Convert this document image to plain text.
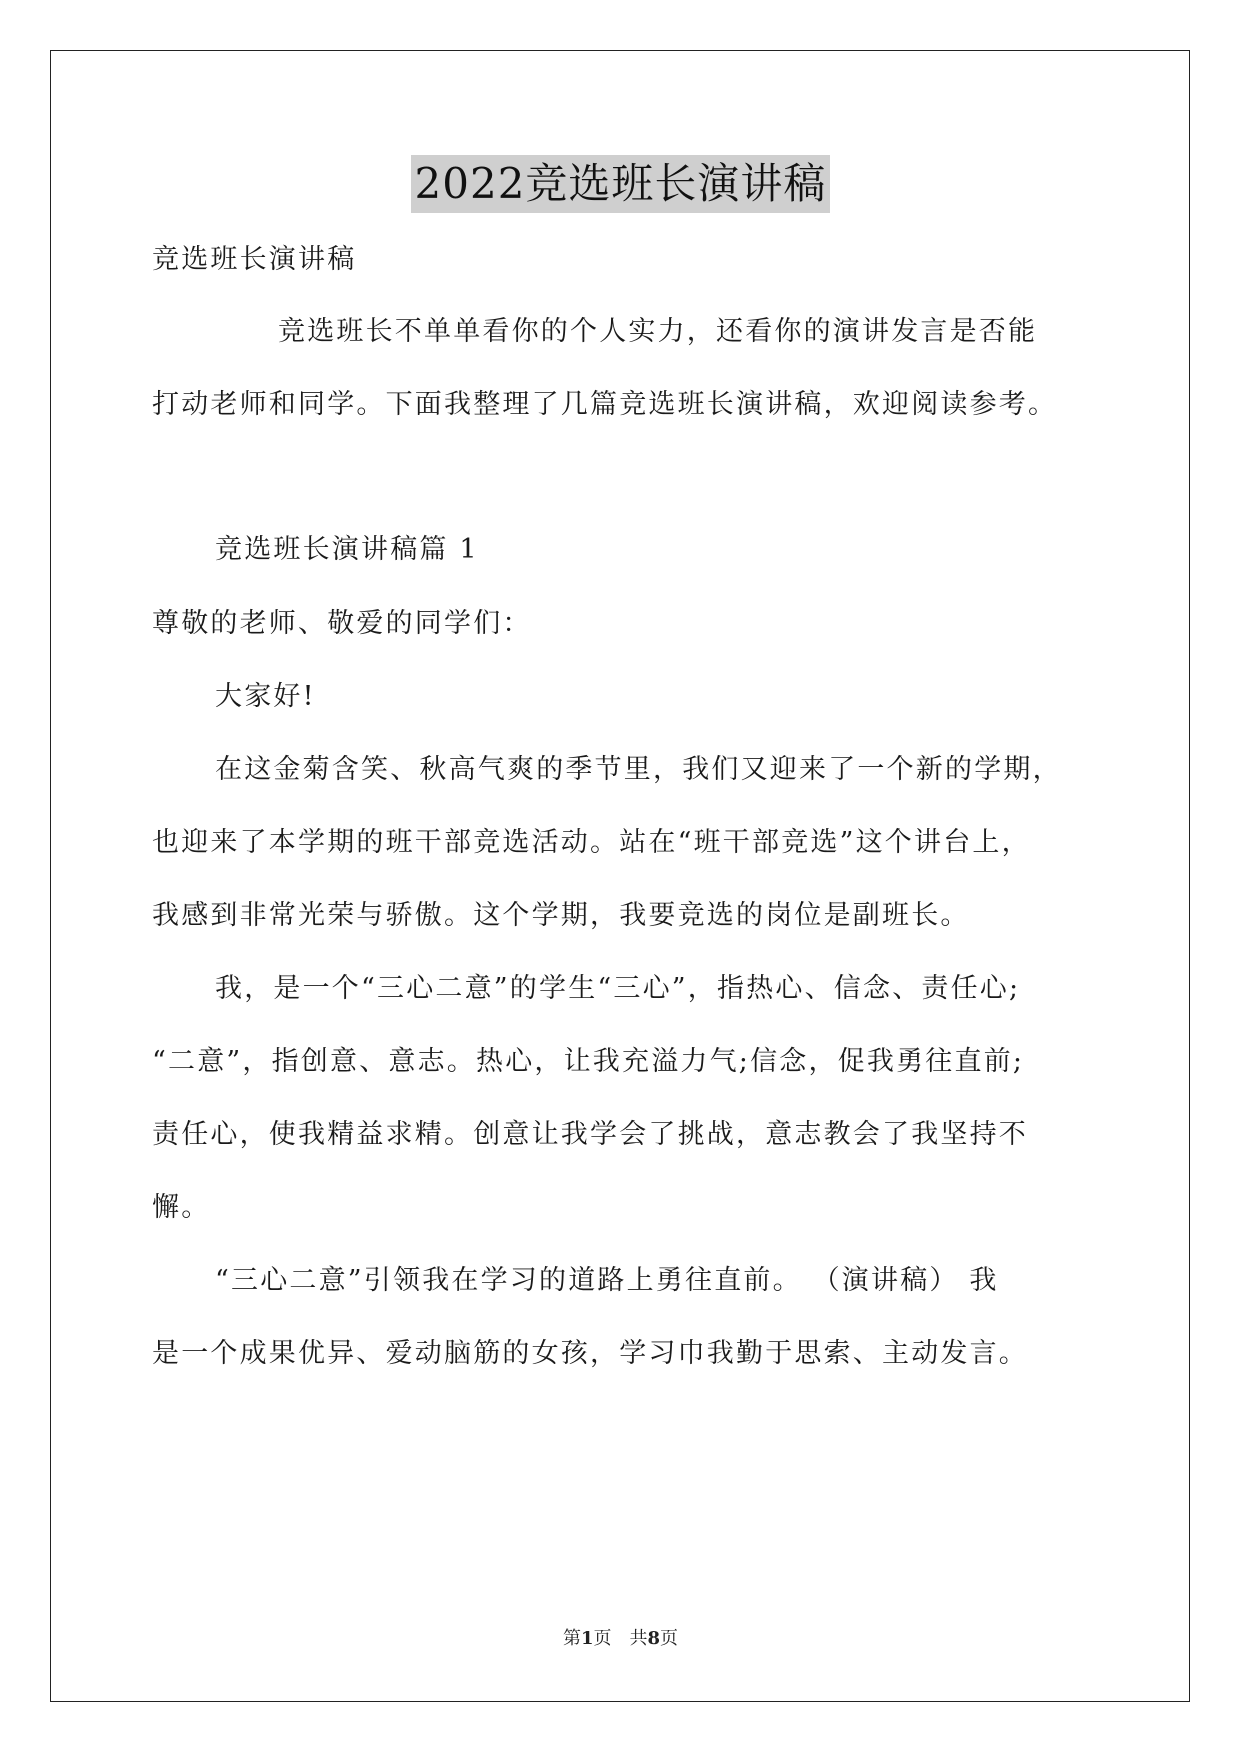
2022竞选班长演讲稿
竞选班长演讲稿
竞选班长不单单看你的个人实力，还看你的演讲发言是否能
打动老师和同学。下面我整理了几篇竞选班长演讲稿，欢迎阅读参考。
竞选班长演讲稿篇 1
尊敬的老师、敬爱的同学们：
大家好!
在这金菊含笑、秋高气爽的季节里，我们又迎来了一个新的学期，
也迎来了本学期的班干部竞选活动。站在“班干部竞选”这个讲台上，
我感到非常光荣与骄傲。这个学期，我要竞选的岗位是副班长。
我，是一个“三心二意”的学生“三心”，指热心、信念、责任心;
“二意”，指创意、意志。热心，让我充溢力气;信念，促我勇往直前;
责任心，使我精益求精。创意让我学会了挑战，意志教会了我坚持不
懈。
“三心二意”引领我在学习的道路上勇往直前。 （演讲稿） 我
是一个成果优异、爱动脑筋的女孩，学习巾我勤于思索、主动发言。
第1页　共8页
